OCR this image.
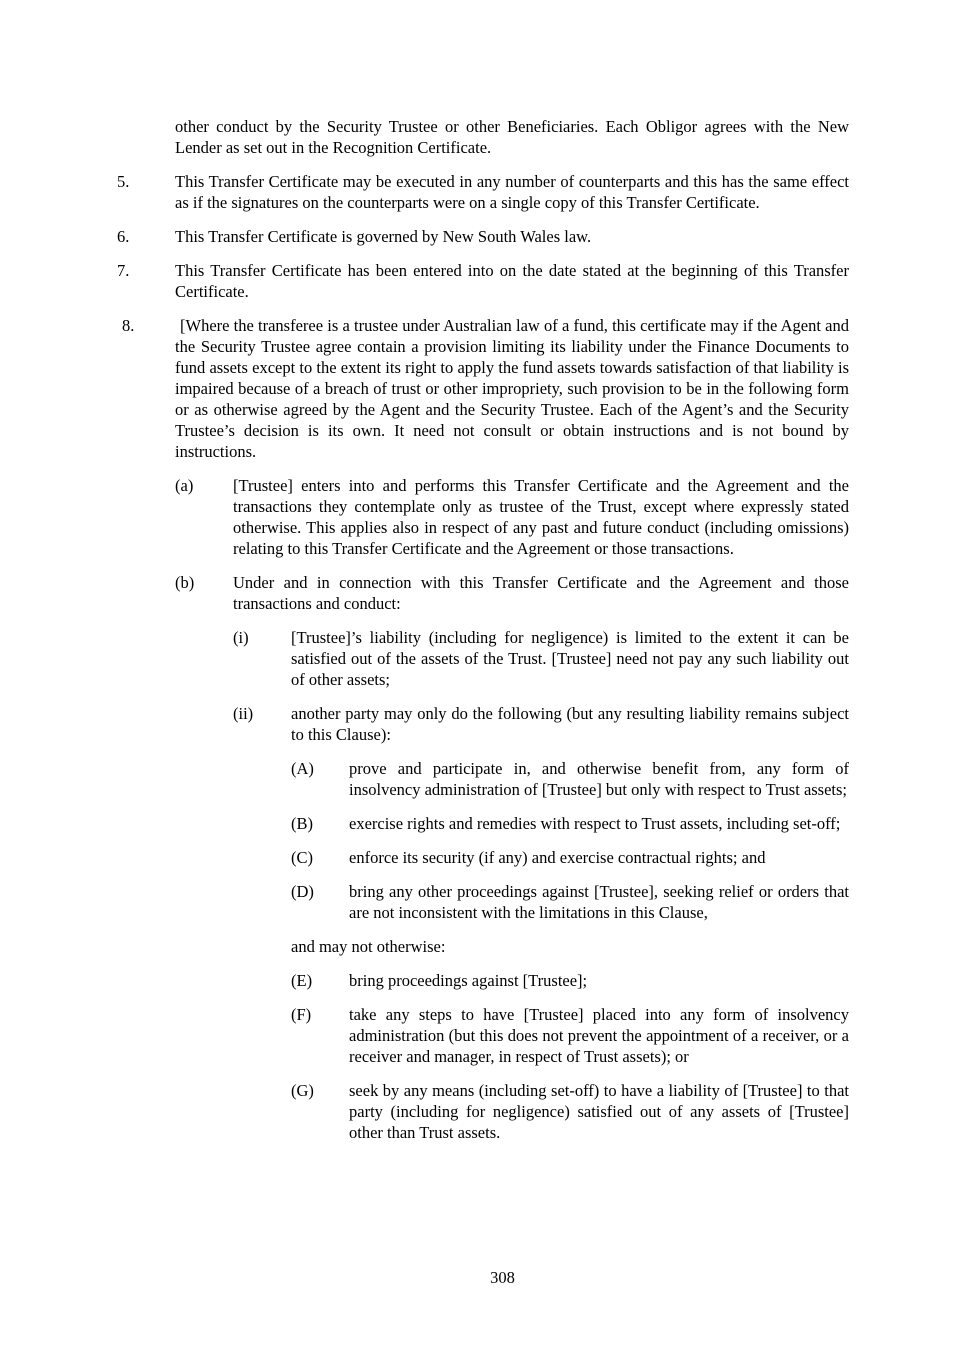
other conduct by the Security Trustee or other Beneficiaries. Each Obligor agrees with the New Lender as set out in the Recognition Certificate.
5.	This Transfer Certificate may be executed in any number of counterparts and this has the same effect as if the signatures on the counterparts were on a single copy of this Transfer Certificate.
6.	This Transfer Certificate is governed by New South Wales law.
7.	This Transfer Certificate has been entered into on the date stated at the beginning of this Transfer Certificate.
8.	[Where the transferee is a trustee under Australian law of a fund, this certificate may if the Agent and the Security Trustee agree contain a provision limiting its liability under the Finance Documents to fund assets except to the extent its right to apply the fund assets towards satisfaction of that liability is impaired because of a breach of trust or other impropriety, such provision to be in the following form or as otherwise agreed by the Agent and the Security Trustee. Each of the Agent’s and the Security Trustee’s decision is its own. It need not consult or obtain instructions and is not bound by instructions.
(a) [Trustee] enters into and performs this Transfer Certificate and the Agreement and the transactions they contemplate only as trustee of the Trust, except where expressly stated otherwise. This applies also in respect of any past and future conduct (including omissions) relating to this Transfer Certificate and the Agreement or those transactions.
(b) Under and in connection with this Transfer Certificate and the Agreement and those transactions and conduct:
(i)	[Trustee]’s liability (including for negligence) is limited to the extent it can be satisfied out of the assets of the Trust. [Trustee] need not pay any such liability out of other assets;
(ii) another party may only do the following (but any resulting liability remains subject to this Clause):
(A) prove and participate in, and otherwise benefit from, any form of insolvency administration of [Trustee] but only with respect to Trust assets;
(B) exercise rights and remedies with respect to Trust assets, including set-off;
(C) enforce its security (if any) and exercise contractual rights; and
(D) bring any other proceedings against [Trustee], seeking relief or orders that are not inconsistent with the limitations in this Clause,
and may not otherwise:
(E) bring proceedings against [Trustee];
(F) take any steps to have [Trustee] placed into any form of insolvency administration (but this does not prevent the appointment of a receiver, or a receiver and manager, in respect of Trust assets); or
(G) seek by any means (including set-off) to have a liability of [Trustee] to that party (including for negligence) satisfied out of any assets of [Trustee] other than Trust assets.
308
